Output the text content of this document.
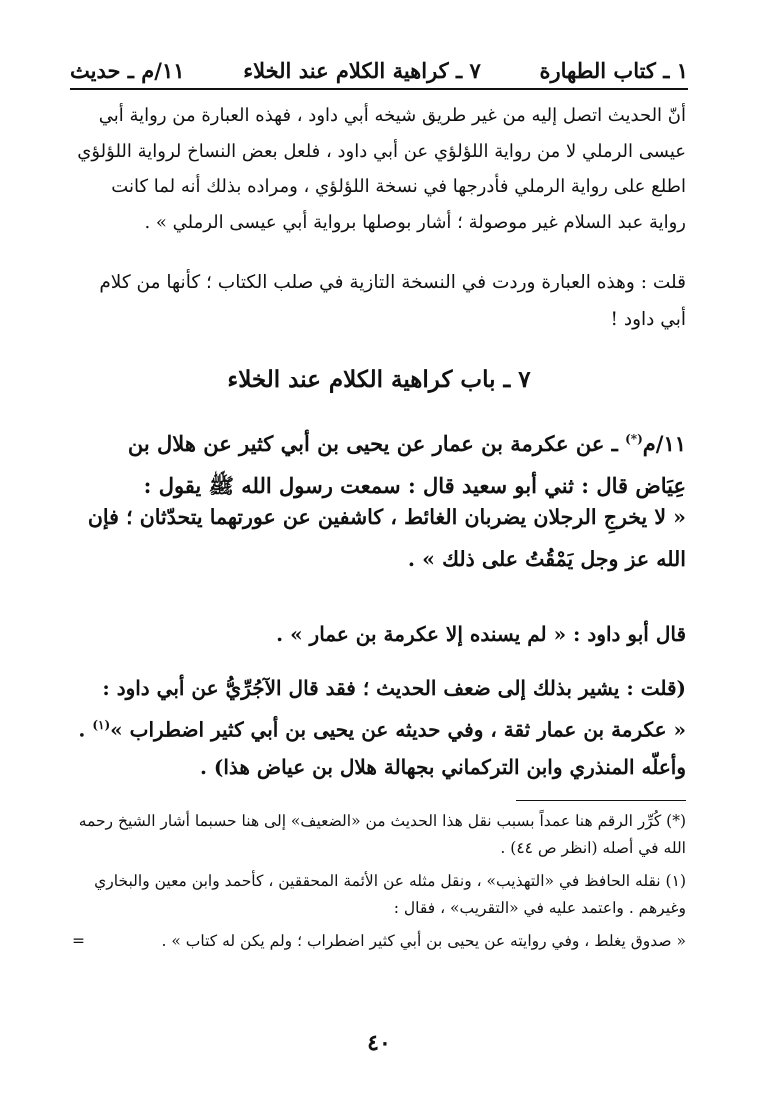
١ ـ كتاب الطهارة
٧ ـ كراهية الكلام عند الخلاء
١١/م ـ حديث
أنّ الحديث اتصل إليه من غير طريق شيخه أبي داود ، فهذه العبارة من رواية أبي عيسى الرملي لا من رواية اللؤلؤي عن أبي داود ، فلعل بعض النساخ لرواية اللؤلؤي اطلع على رواية الرملي فأدرجها في نسخة اللؤلؤي ، ومراده بذلك أنه لما كانت رواية عبد السلام غير موصولة ؛ أشار بوصلها برواية أبي عيسى الرملي » .
قلت : وهذه العبارة وردت في النسخة التازية في صلب الكتاب ؛ كأنها من كلام أبي داود !
٧ ـ باب كراهية الكلام عند الخلاء
١١/م(*) ـ عن عكرمة بن عمار عن يحيى بن أبي كثير عن هلال بن عِيَاض قال : ثني أبو سعيد قال : سمعت رسول الله ﷺ يقول :
« لا يخرجِ الرجلان يضربان الغائط ، كاشفين عن عورتهما يتحدّثان ؛ فإن الله عز وجل يَمْقُتُ على ذلك » .
قال أبو داود : « لم يسنده إلا عكرمة بن عمار » .
(قلت : يشير بذلك إلى ضعف الحديث ؛ فقد قال الآجُرِّيُّ عن أبي داود :
« عكرمة بن عمار ثقة ، وفي حديثه عن يحيى بن أبي كثير اضطراب »$^{(١)}$ .
وأعلّه المنذري وابن التركماني بجهالة هلال بن عياض هذا) .
(*) كُرِّر الرقم هنا عمداً بسبب نقل هذا الحديث من «الضعيف» إلى هنا حسبما أشار الشيخ رحمه الله في أصله (انظر ص ٤٤) .
(١) نقله الحافظ في «التهذيب» ، ونقل مثله عن الأئمة المحققين ، كأحمد وابن معين والبخاري وغيرهم . واعتمد عليه في «التقريب» ، فقال :
« صدوق يغلط ، وفي روايته عن يحيى بن أبي كثير اضطراب ؛ ولم يكن له كتاب » .
=
٤٠
